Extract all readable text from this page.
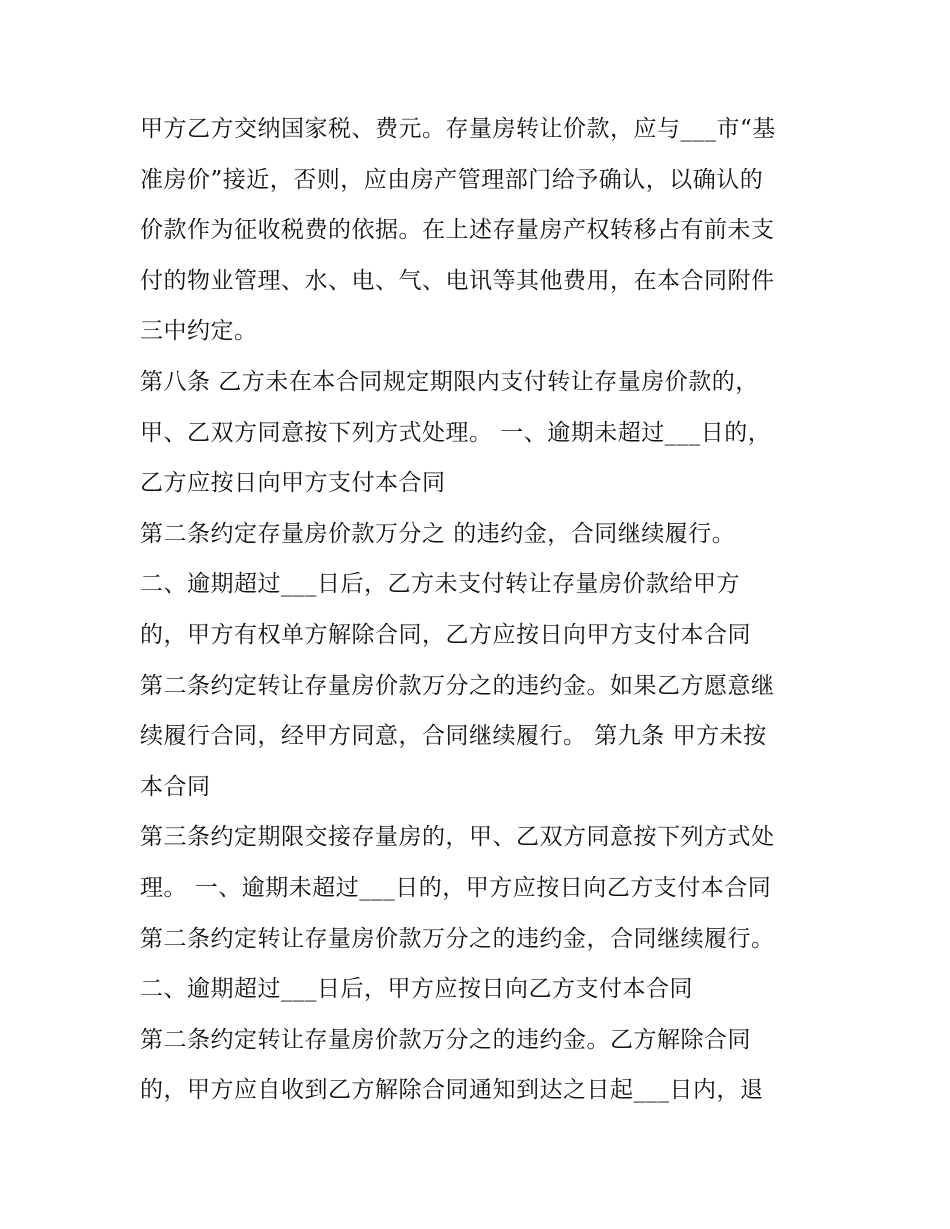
甲方乙方交纳国家税、费元。存量房转让价款，应与___市“基
准房价”接近，否则，应由房产管理部门给予确认，以确认的
价款作为征收税费的依据。在上述存量房产权转移占有前未支
付的物业管理、水、电、气、电讯等其他费用，在本合同附件
三中约定。
第八条 乙方未在本合同规定期限内支付转让存量房价款的，
甲、乙双方同意按下列方式处理。 一、逾期未超过___日的，
乙方应按日向甲方支付本合同
第二条约定存量房价款万分之 的违约金，合同继续履行。
二、逾期超过___日后，乙方未支付转让存量房价款给甲方
的，甲方有权单方解除合同，乙方应按日向甲方支付本合同
第二条约定转让存量房价款万分之的违约金。如果乙方愿意继
续履行合同，经甲方同意，合同继续履行。 第九条 甲方未按
本合同
第三条约定期限交接存量房的，甲、乙双方同意按下列方式处
理。 一、逾期未超过___日的，甲方应按日向乙方支付本合同
第二条约定转让存量房价款万分之的违约金，合同继续履行。
二、逾期超过___日后，甲方应按日向乙方支付本合同
第二条约定转让存量房价款万分之的违约金。乙方解除合同
的，甲方应自收到乙方解除合同通知到达之日起___日内，退
